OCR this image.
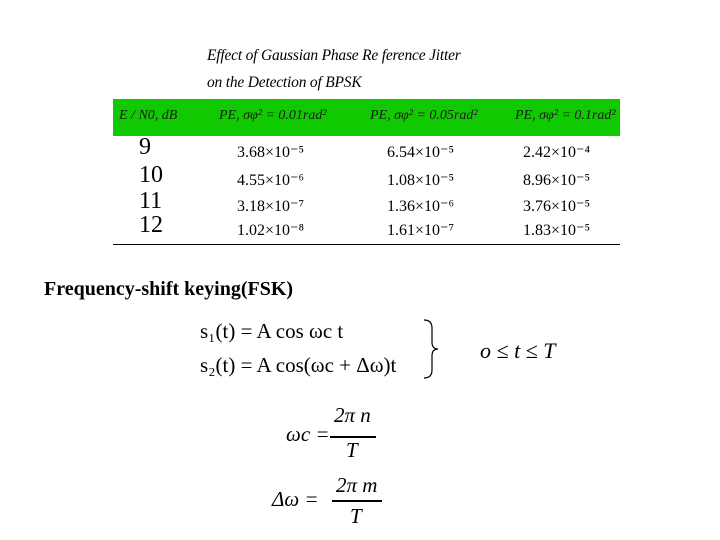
Effect of Gaussian Phase Re ference Jitter
on the Detection of BPSK
E / N0, dB	PE, σφ² = 0.01rad²	PE, σφ² = 0.05rad²	PE, σφ² = 0.1rad²
9	3.68×10⁻⁵	6.54×10⁻⁵	2.42×10⁻⁴
10	4.55×10⁻⁶	1.08×10⁻⁵	8.96×10⁻⁵
11	3.18×10⁻⁷	1.36×10⁻⁶	3.76×10⁻⁵
12	1.02×10⁻⁸	1.61×10⁻⁷	1.83×10⁻⁵
Frequency-shift keying(FSK)
s₁(t) = A cos ωc t
s₂(t) = A cos(ωc + Δω)t
o ≤ t ≤ T
ωc =
2π n
T
Δω =
2π m
T
